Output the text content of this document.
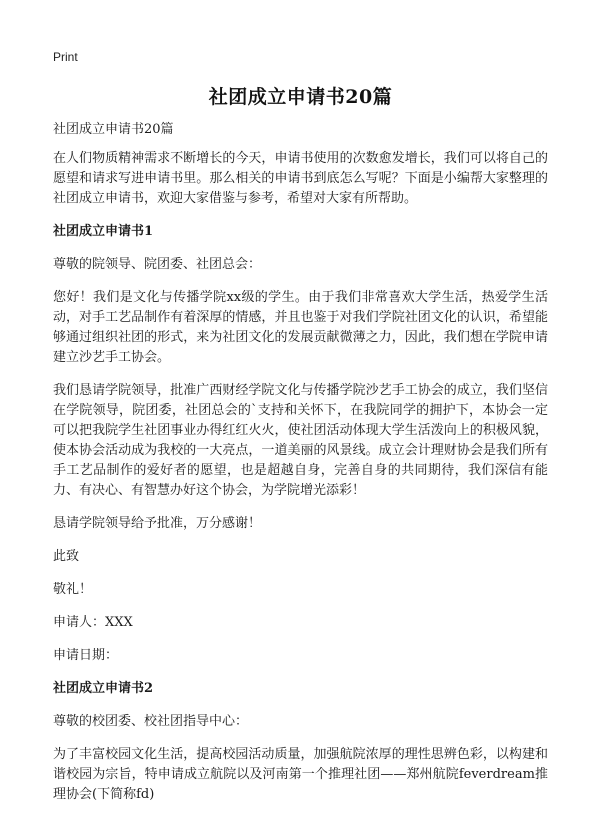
Print
社团成立申请书20篇
社团成立申请书20篇

在人们物质精神需求不断增长的今天，申请书使用的次数愈发增长，我们可以将自己的愿望和请求写进申请书里。那么相关的申请书到底怎么写呢？下面是小编帮大家整理的社团成立申请书，欢迎大家借鉴与参考，希望对大家有所帮助。

社团成立申请书1

尊敬的院领导、院团委、社团总会：

您好！我们是文化与传播学院xx级的学生。由于我们非常喜欢大学生活，热爱学生活动，对手工艺品制作有着深厚的情感，并且也鉴于对我们学院社团文化的认识，希望能够通过组织社团的形式，来为社团文化的发展贡献微薄之力，因此，我们想在学院申请建立沙艺手工协会。

我们恳请学院领导，批准广西财经学院文化与传播学院沙艺手工协会的成立，我们坚信在学院领导，院团委，社团总会的`支持和关怀下，在我院同学的拥护下，本协会一定可以把我院学生社团事业办得红红火火，使社团活动体现大学生活泼向上的积极风貌，使本协会活动成为我校的一大亮点，一道美丽的风景线。成立会计理财协会是我们所有手工艺品制作的爱好者的愿望，也是超越自身，完善自身的共同期待，我们深信有能力、有决心、有智慧办好这个协会，为学院增光添彩！

恳请学院领导给予批准，万分感谢！

此致

敬礼！

申请人：XXX

申请日期：

社团成立申请书2

尊敬的校团委、校社团指导中心：

为了丰富校园文化生活，提高校园活动质量，加强航院浓厚的理性思辨色彩，以构建和谐校园为宗旨，特申请成立航院以及河南第一个推理社团——郑州航院feverdream推理协会(下简称fd)
